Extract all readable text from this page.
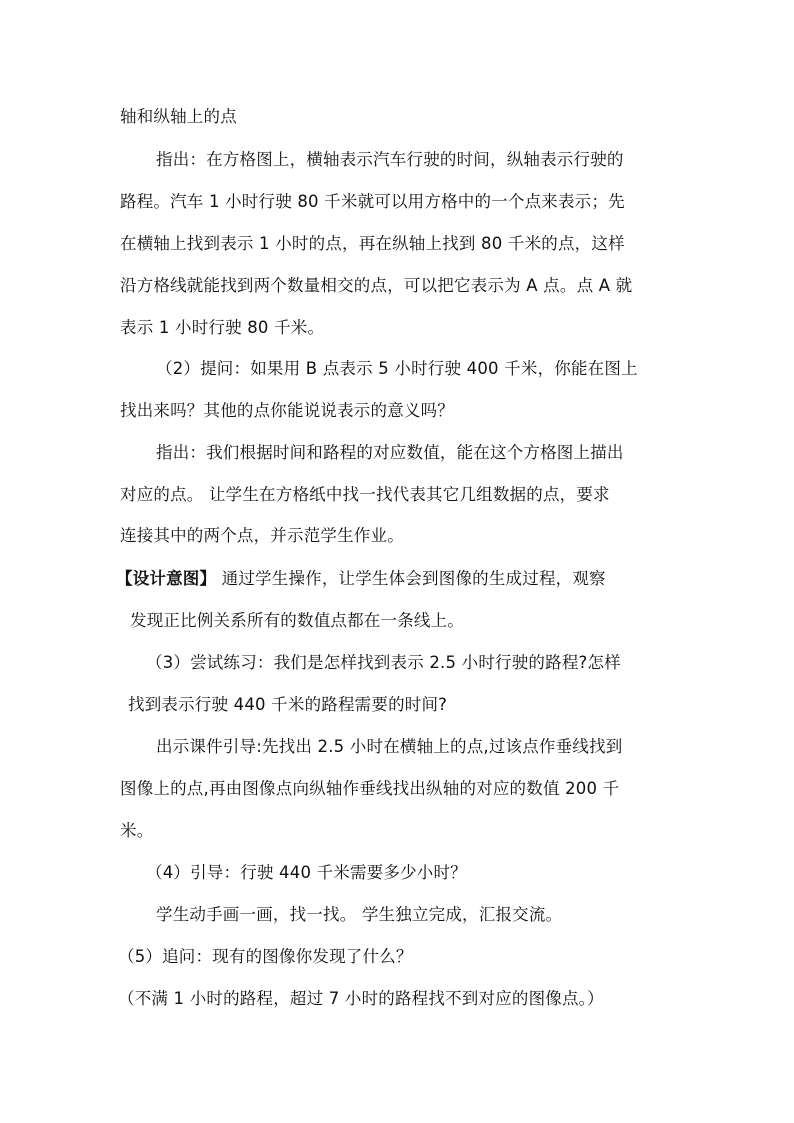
轴和纵轴上的点
指出：在方格图上，横轴表示汽车行驶的时间，纵轴表示行驶的
路程。汽车 1 小时行驶 80 千米就可以用方格中的一个点来表示；先
在横轴上找到表示 1 小时的点，再在纵轴上找到 80 千米的点，这样
沿方格线就能找到两个数量相交的点，可以把它表示为 A 点。点 A 就
表示 1 小时行驶 80 千米。
（2）提问：如果用 B 点表示 5 小时行驶 400 千米，你能在图上
找出来吗？其他的点你能说说表示的意义吗？
指出：我们根据时间和路程的对应数值，能在这个方格图上描出
对应的点。 让学生在方格纸中找一找代表其它几组数据的点，要求
连接其中的两个点，并示范学生作业。
【设计意图】 通过学生操作，让学生体会到图像的生成过程，观察
发现正比例关系所有的数值点都在一条线上。
（3）尝试练习：我们是怎样找到表示 2.5 小时行驶的路程?怎样
找到表示行驶 440 千米的路程需要的时间?
出示课件引导:先找出 2.5 小时在横轴上的点,过该点作垂线找到
图像上的点,再由图像点向纵轴作垂线找出纵轴的对应的数值 200 千
米。
（4）引导：行驶 440 千米需要多少小时？
学生动手画一画，找一找。 学生独立完成，汇报交流。
（5）追问：现有的图像你发现了什么？
（不满 1 小时的路程，超过 7 小时的路程找不到对应的图像点。）
